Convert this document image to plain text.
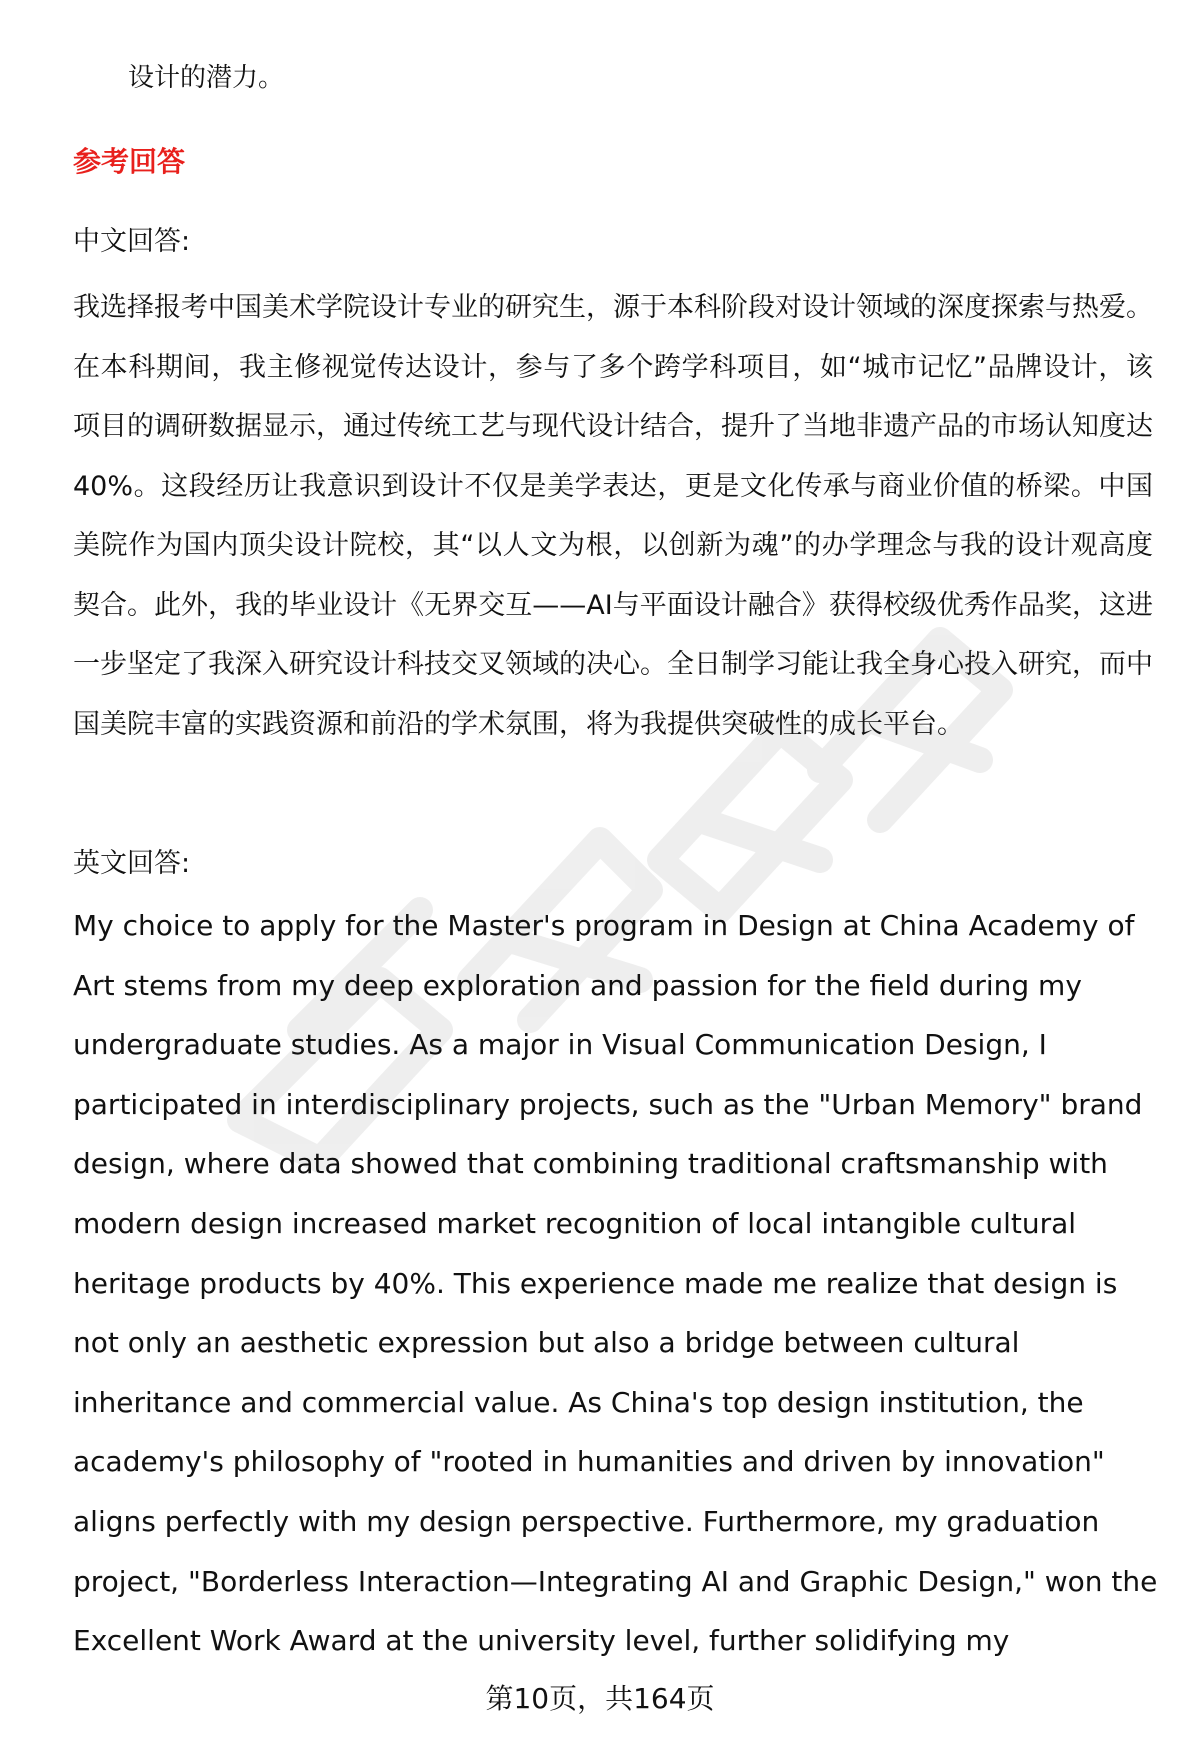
设计的潜力。
参考回答
中文回答:
我选择报考中国美术学院设计专业的研究生，源于本科阶段对设计领域的深度探索与热爱。在本科期间，我主修视觉传达设计，参与了多个跨学科项目，如“城市记忆”品牌设计，该项目的调研数据显示，通过传统工艺与现代设计结合，提升了当地非遗产品的市场认知度达40%。这段经历让我意识到设计不仅是美学表达，更是文化传承与商业价值的桥梁。中国美院作为国内顶尖设计院校，其“以人文为根，以创新为魂”的办学理念与我的设计观高度契合。此外，我的毕业设计《无界交互——AI与平面设计融合》获得校级优秀作品奖，这进一步坚定了我深入研究设计科技交叉领域的决心。全日制学习能让我全身心投入研究，而中国美院丰富的实践资源和前沿的学术氛围，将为我提供突破性的成长平台。
英文回答:
My choice to apply for the Master's program in Design at China Academy of Art stems from my deep exploration and passion for the field during my undergraduate studies. As a major in Visual Communication Design, I participated in interdisciplinary projects, such as the "Urban Memory" brand design, where data showed that combining traditional craftsmanship with modern design increased market recognition of local intangible cultural heritage products by 40%. This experience made me realize that design is not only an aesthetic expression but also a bridge between cultural inheritance and commercial value. As China's top design institution, the academy's philosophy of "rooted in humanities and driven by innovation" aligns perfectly with my design perspective. Furthermore, my graduation project, "Borderless Interaction—Integrating AI and Graphic Design," won the Excellent Work Award at the university level, further solidifying my
第10页，共164页
